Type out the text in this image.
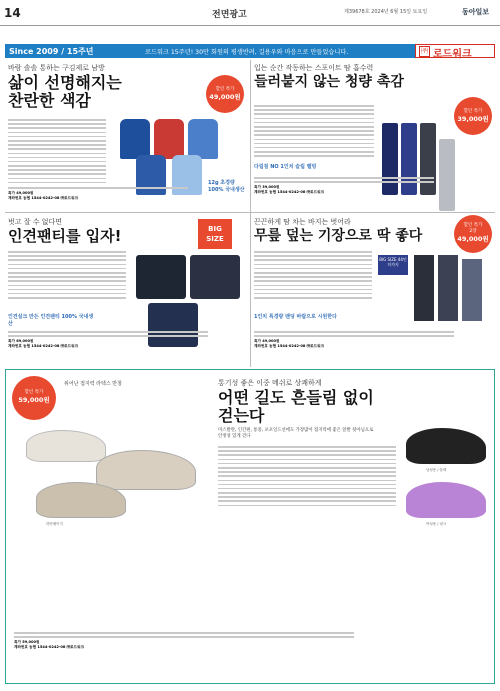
14	전면광고	제39678호 2024년 6월 15일 토요일	동아일보
Since 2009 / 15주년	로드워크 15주년! 30만 회원의 평생반려, 길용우와 마음으로 만들었습니다.	㈜ 로드워크
바람 솔솔 통하는 구김제로 남방
삶이 선명해지는
찬란한 색감
할인 특가
49,000원
12g 초경량 100% 국내생산
특가 49,000원
계좌번호 농협 1544-0242-08 ㈜로드워크
입는 순간 작동하는 스포이트 땀 흡수력
들러붙지 않는 청량 촉감
할인 특가
39,000원
다림질 NO 1인치 슬림 벨빙
특가 39,000원
계좌번호 농협 1544-0242-08 ㈜로드워크
벗고 잘 수 없다면
인견팬티를 입자!	BIG
SIZE
인견실크 만든 인견팬티 100% 국내생산
특가 69,000원
계좌번호 농협 1544-0242-08 ㈜로드워크
끈끈하게 땀 차는 바지는 벗어라
무릎 덮는 기장으로 딱 좋다
할인 특가
2장
49,000원
BIG SIZE 44인치까지
1인치 특경량 밴딩 바람으로 시원한다
특가 49,000원
계좌번호 농협 1544-0242-08 ㈜로드워크
할인 특가
59,000원
위어난 접지력 라텍스 반창	통기성 좋은 이중 메쉬로 상쾌하게
어떤 길도 흔들림 없이
걷는다
미스발란, 인간편, 통증, 포포일드션에도 가장많이 접지력에 좋은 앞발 뒷아님으로 안정성 있게 걷다
하얀베이지
남성용 / 블랙
여성용 / 핑크
특가 59,000원
계좌번호 농협 1544-0242-08 ㈜로드워크
